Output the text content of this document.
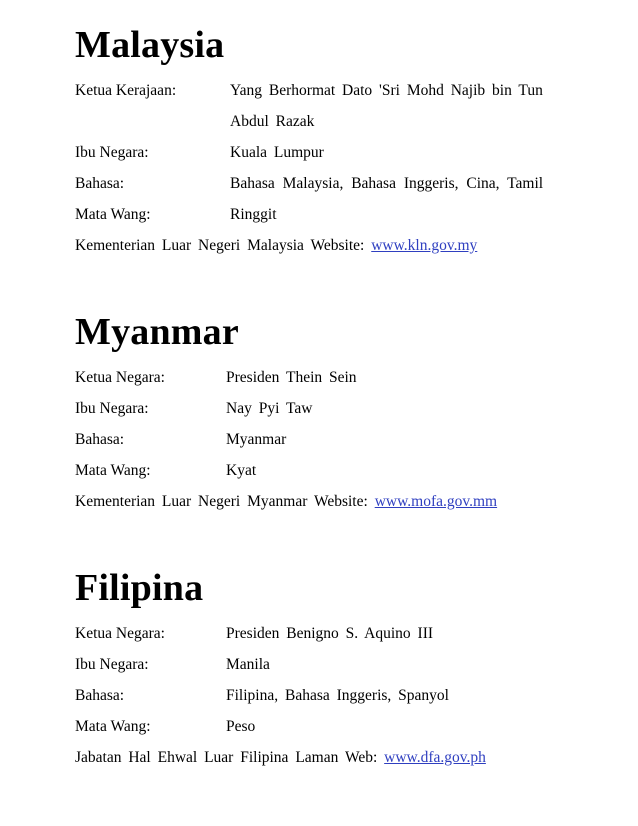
Malaysia
Ketua Kerajaan:	Yang Berhormat Dato 'Sri Mohd Najib bin Tun
Abdul Razak
Ibu Negara:	Kuala Lumpur
Bahasa:	Bahasa Malaysia, Bahasa Inggeris, Cina, Tamil
Mata Wang:	Ringgit
Kementerian Luar Negeri Malaysia Website: www.kln.gov.my
Myanmar
Ketua Negara:	Presiden Thein Sein
Ibu Negara:	Nay Pyi Taw
Bahasa:	Myanmar
Mata Wang:	Kyat
Kementerian Luar Negeri Myanmar Website: www.mofa.gov.mm
Filipina
Ketua Negara:	Presiden Benigno S. Aquino III
Ibu Negara:	Manila
Bahasa:	Filipina, Bahasa Inggeris, Spanyol
Mata Wang:	Peso
Jabatan Hal Ehwal Luar Filipina Laman Web: www.dfa.gov.ph
